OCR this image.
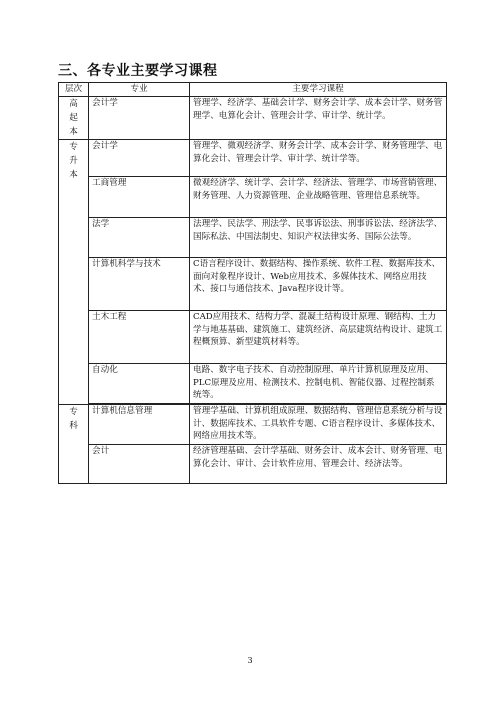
三、各专业主要学习课程
层次	专业	主要学习课程

高起本	会计学	管理学、经济学、基础会计学、财务会计学、成本会计学、财务管理学、电算化会计、管理会计学、审计学、统计学。

专升本	会计学	管理学、微观经济学、财务会计学、成本会计学、财务管理学、电算化会计、管理会计学、审计学、统计学等。
	工商管理	微观经济学、统计学、会计学、经济法、管理学、市场营销管理、财务管理、人力资源管理、企业战略管理、管理信息系统等。
	法学	法理学、民法学、刑法学、民事诉讼法、刑事诉讼法、经济法学、国际私法、中国法制史、知识产权法律实务、国际公法等。
	计算机科学与技术	C语言程序设计、数据结构、操作系统、软件工程、数据库技术、面向对象程序设计、Web应用技术、多媒体技术、网络应用技术、接口与通信技术、Java程序设计等。
	土木工程	CAD应用技术、结构力学、混凝土结构设计原理、钢结构、土力学与地基基础、建筑施工、建筑经济、高层建筑结构设计、建筑工程概预算、新型建筑材料等。
	自动化	电路、数字电子技术、自动控制原理、单片计算机原理及应用、PLC原理及应用、检测技术、控制电机、智能仪器、过程控制系统等。

专科	计算机信息管理	管理学基础、计算机组成原理、数据结构、管理信息系统分析与设计、数据库技术、工具软件专题、C语言程序设计、多媒体技术、网络应用技术等。
	会计	经济管理基础、会计学基础、财务会计、成本会计、财务管理、电算化会计、审计、会计软件应用、管理会计、经济法等。
3
